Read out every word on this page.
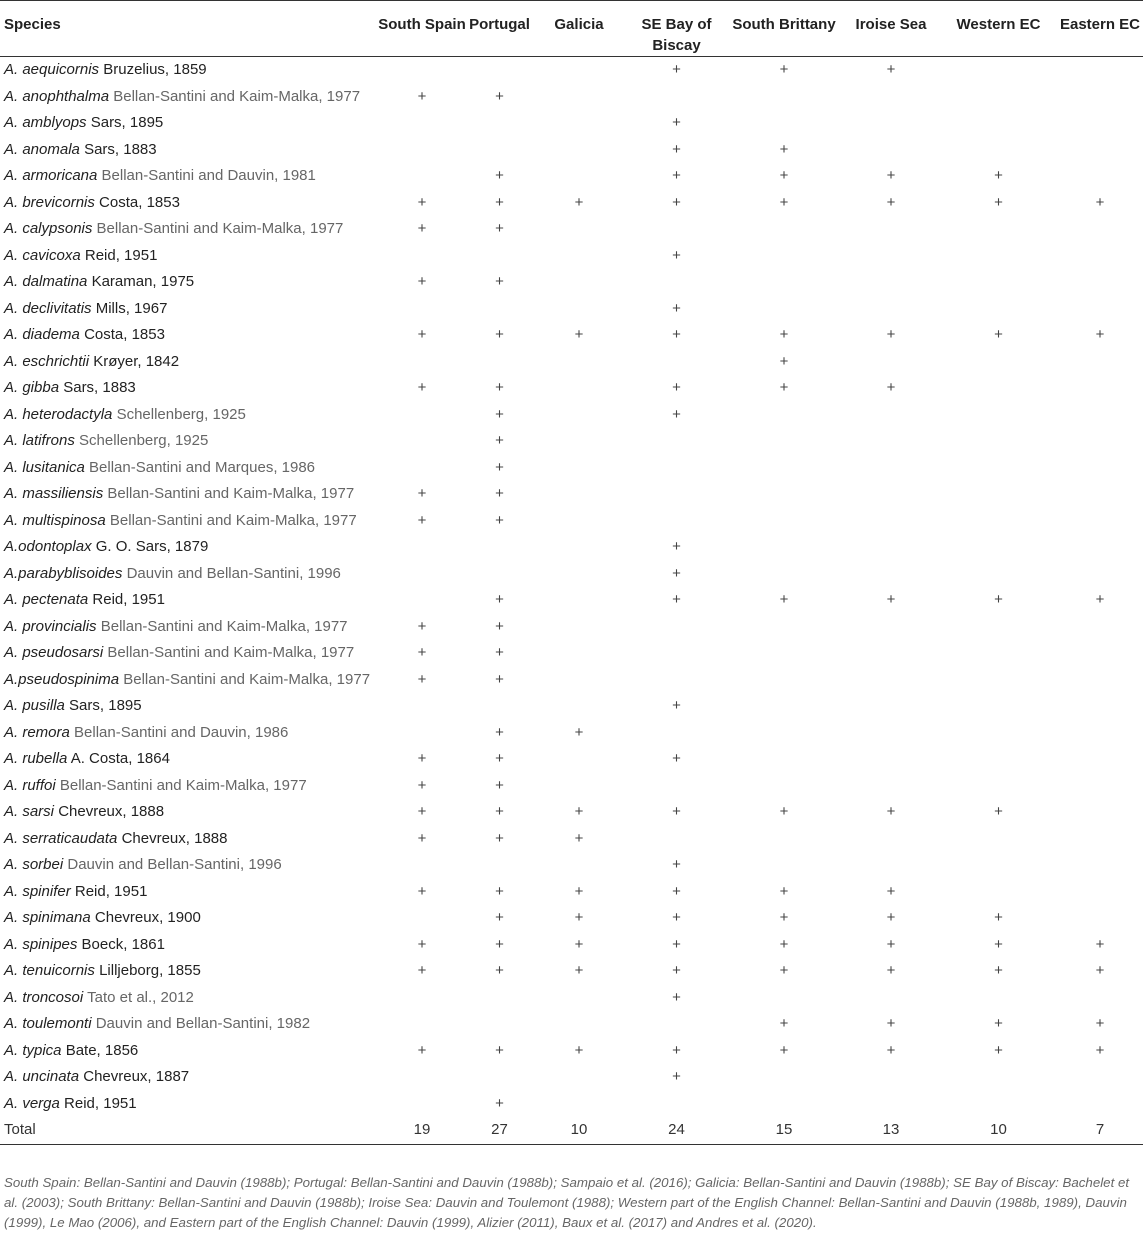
Species	South Spain	Portugal	Galicia	SE Bay of Biscay	South Brittany	Iroise Sea	Western EC	Eastern EC
A. aequicornis Bruzelius, 1859				+	+	+		
A. anophthalma Bellan-Santini and Kaim-Malka, 1977	+	+						
A. amblyops Sars, 1895				+				
A. anomala Sars, 1883				+	+			
A. armoricana Bellan-Santini and Dauvin, 1981		+		+	+	+	+	
A. brevicornis Costa, 1853	+	+	+	+	+	+	+	+
A. calypsonis Bellan-Santini and Kaim-Malka, 1977	+	+						
A. cavicoxa Reid, 1951				+				
A. dalmatina Karaman, 1975	+	+						
A. declivitatis Mills, 1967				+				
A. diadema Costa, 1853	+	+	+	+	+	+	+	+
A. eschrichtii Krøyer, 1842					+			
A. gibba Sars, 1883	+	+		+	+	+		
A. heterodactyla Schellenberg, 1925		+		+				
A. latifrons Schellenberg, 1925		+						
A. lusitanica Bellan-Santini and Marques, 1986		+						
A. massiliensis Bellan-Santini and Kaim-Malka, 1977	+	+						
A. multispinosa Bellan-Santini and Kaim-Malka, 1977	+	+						
A.odontoplax G. O. Sars, 1879				+				
A.parabyblisoides Dauvin and Bellan-Santini, 1996				+				
A. pectenata Reid, 1951		+		+	+	+	+	+
A. provincialis Bellan-Santini and Kaim-Malka, 1977	+	+						
A. pseudosarsi Bellan-Santini and Kaim-Malka, 1977	+	+						
A.pseudospinima Bellan-Santini and Kaim-Malka, 1977	+	+						
A. pusilla Sars, 1895				+				
A. remora Bellan-Santini and Dauvin, 1986		+	+					
A. rubella A. Costa, 1864	+	+		+				
A. ruffoi Bellan-Santini and Kaim-Malka, 1977	+	+						
A. sarsi Chevreux, 1888	+	+	+	+	+	+	+	
A. serraticaudata Chevreux, 1888	+	+	+					
A. sorbei Dauvin and Bellan-Santini, 1996				+				
A. spinifer Reid, 1951	+	+	+	+	+	+		
A. spinimana Chevreux, 1900		+	+	+	+	+	+	
A. spinipes Boeck, 1861	+	+	+	+	+	+	+	+
A. tenuicornis Lilljeborg, 1855	+	+	+	+	+	+	+	+
A. troncosoi Tato et al., 2012				+				
A. toulemonti Dauvin and Bellan-Santini, 1982					+	+	+	+
A. typica Bate, 1856	+	+	+	+	+	+	+	+
A. uncinata Chevreux, 1887				+				
A. verga Reid, 1951		+						
Total	19	27	10	24	15	13	10	7
South Spain: Bellan-Santini and Dauvin (1988b); Portugal: Bellan-Santini and Dauvin (1988b); Sampaio et al. (2016); Galicia: Bellan-Santini and Dauvin (1988b); SE Bay of Biscay: Bachelet et al. (2003); South Brittany: Bellan-Santini and Dauvin (1988b); Iroise Sea: Dauvin and Toulemont (1988); Western part of the English Channel: Bellan-Santini and Dauvin (1988b, 1989), Dauvin (1999), Le Mao (2006), and Eastern part of the English Channel: Dauvin (1999), Alizier (2011), Baux et al. (2017) and Andres et al. (2020).
